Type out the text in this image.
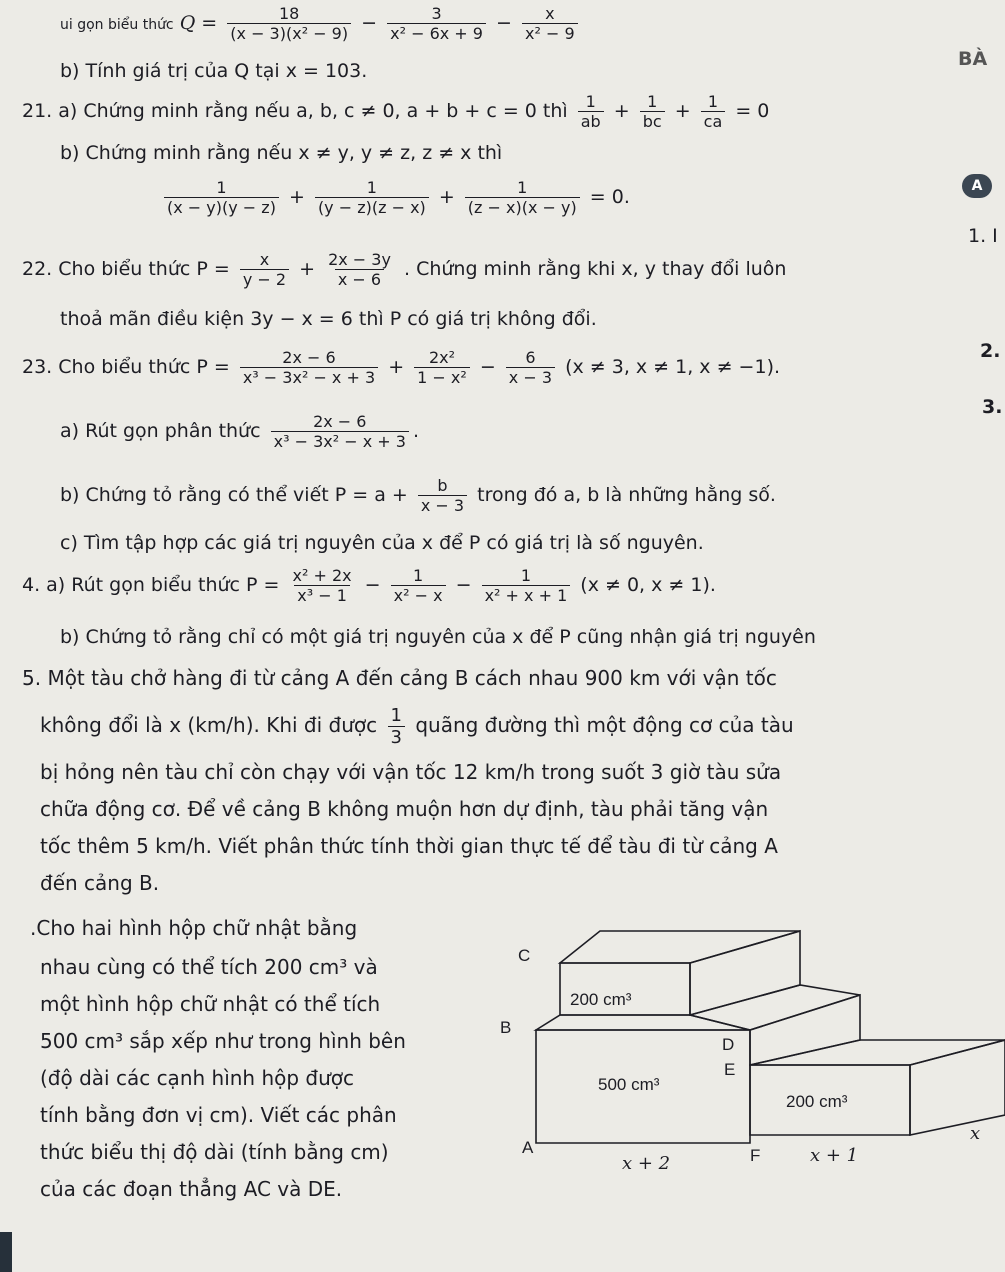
ui gọn biểu thức $Q = \frac{18}{\text{(x − 3)(x² − 9)}} - \frac{3}{\text{x² − 6x + 9}} - \frac{x}{\text{x² − 9}}$
b) Tính giá trị của Q tại x = 103.
BÀ
21. a) Chứng minh rằng nếu a, b, c ≠ 0, a + b + c = 0 thì $\frac{1}{ab} + \frac{1}{bc} + \frac{1}{ca} = 0$
b) Chứng minh rằng nếu x ≠ y, y ≠ z, z ≠ x thì
$\frac{1}{(x - y)(y - z)} + \frac{1}{(y - z)(z - x)} + \frac{1}{(z - x)(x - y)} = 0$.	A
1. I
22. Cho biểu thức $P = \frac{x}{y - 2} + \frac{2x - 3y}{x - 6}$ . Chứng minh rằng khi x, y thay đổi luôn
thoả mãn điều kiện 3y − x = 6 thì P có giá trị không đổi.
23. Cho biểu thức $P = \frac{2x - 6}{\text{x³ − 3x² − x + 3}} + \frac{\text{2x²}}{\text{1 − x²}} - \frac{6}{x - 3} (x \ne 3$, x ≠ 1, x ≠ −1).
2.
3.
a) Rút gọn phân thức $\frac{2x - 6}{\text{x³ − 3x² − x + 3}}$ .
b) Chứng tỏ rằng có thể viết $P = a + \frac{b}{x - 3}$ trong đó a, b là những hằng số.
c) Tìm tập hợp các giá trị nguyên của x để P có giá trị là số nguyên.
4. a) Rút gọn biểu thức $P = \frac{\text{x² + 2x}}{\text{x³ − 1}} - \frac{1}{\text{x² − x}} - \frac{1}{\text{x² + x + 1}} (x \ne 0$, x ≠ 1).
b) Chứng tỏ rằng chỉ có một giá trị nguyên của x để P cũng nhận giá trị nguyên
5. Một tàu chở hàng đi từ cảng A đến cảng B cách nhau 900 km với vận tốc
không đổi là x (km/h). Khi đi được $\frac{1}{3}$ quãng đường thì một động cơ của tàu
bị hỏng nên tàu chỉ còn chạy với vận tốc 12 km/h trong suốt 3 giờ tàu sửa
chữa động cơ. Để về cảng B không muộn hơn dự định, tàu phải tăng vận
tốc thêm 5 km/h. Viết phân thức tính thời gian thực tế để tàu đi từ cảng A
đến cảng B.
.Cho hai hình hộp chữ nhật bằng
nhau cùng có thể tích 200 cm³ và
một hình hộp chữ nhật có thể tích
500 cm³ sắp xếp như trong hình bên
(độ dài các cạnh hình hộp được
tính bằng đơn vị cm). Viết các phân
thức biểu thị độ dài (tính bằng cm)
của các đoạn thẳng AC và DE.
C
B
A
D
E
F
200 cm³
500 cm³
200 cm³
x + 2	x + 1
x
